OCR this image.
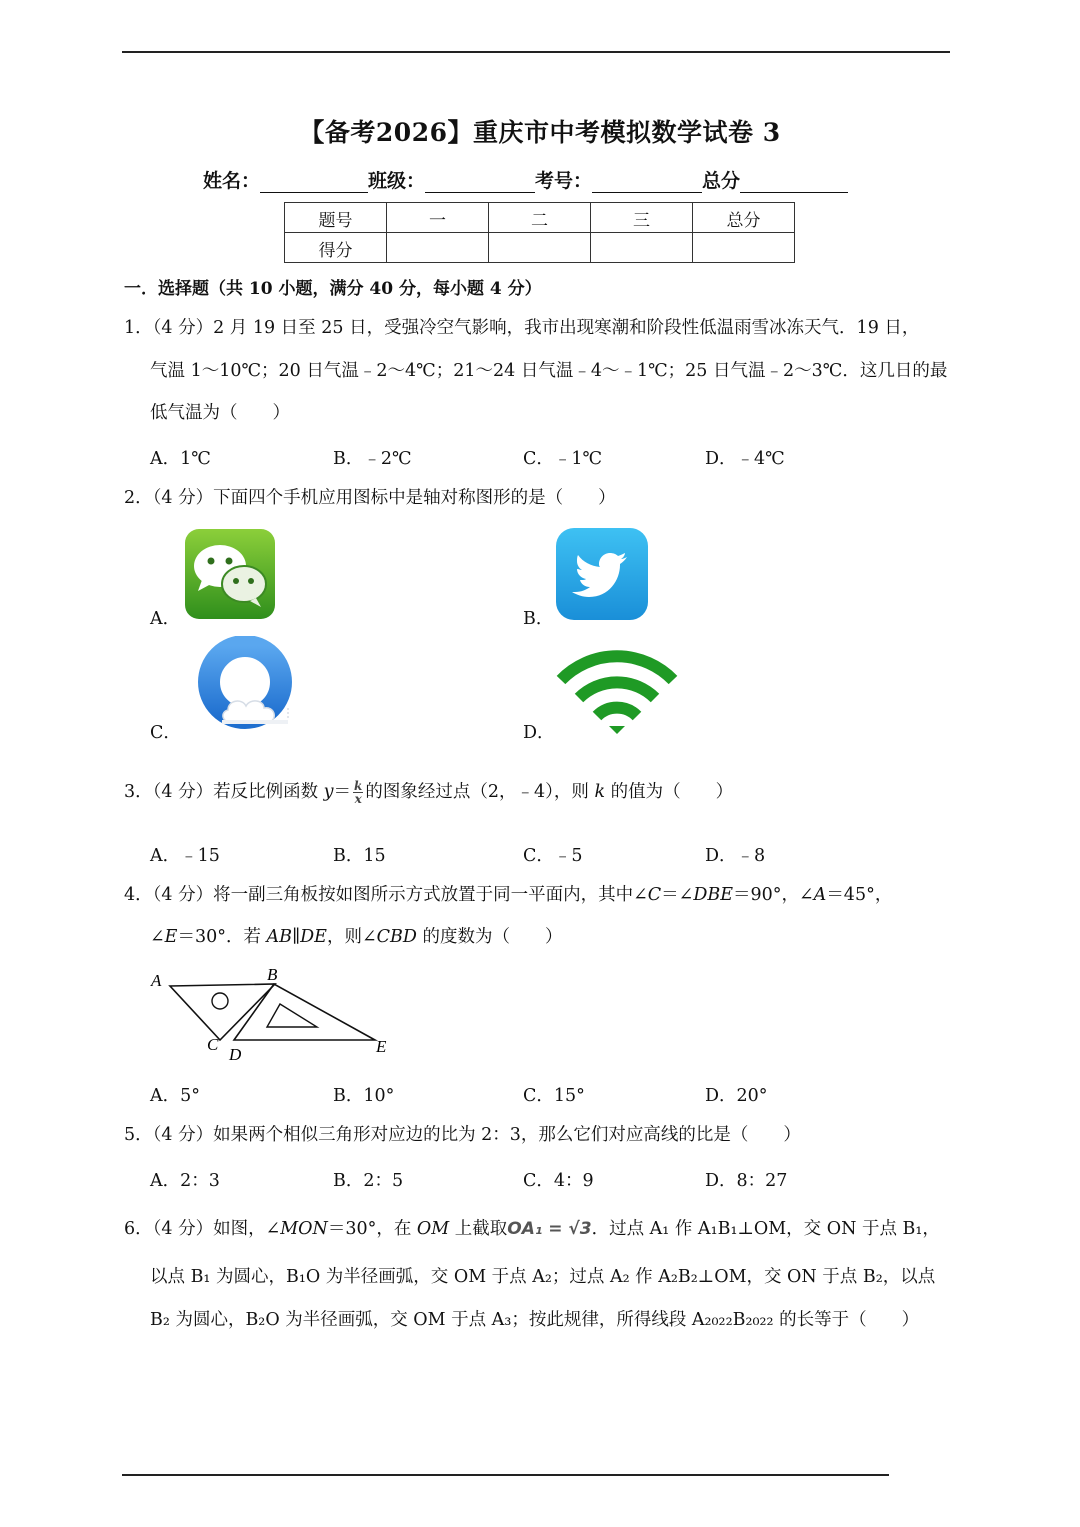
【备考2026】重庆市中考模拟数学试卷 3
姓名：	班级：	考号：	总分
题号	一	二	三	总分
得分				
一．选择题（共 10 小题，满分 40 分，每小题 4 分）
1．（4 分）2 月 19 日至 25 日，受强冷空气影响，我市出现寒潮和阶段性低温雨雪冰冻天气．19 日，
气温 1～10℃；20 日气温﹣2～4℃；21～24 日气温﹣4～﹣1℃；25 日气温﹣2～3℃．这几日的最
低气温为（　　）
A．1℃	B．﹣2℃	C．﹣1℃	D．﹣4℃
2．（4 分）下面四个手机应用图标中是轴对称图形的是（　　）
A．	B．
C．	D．
3．（4 分）若反比例函数 $y= \frac{k}{x}$ 的图象经过点（2，﹣4），则 k 的值为（　　）
A．﹣15	B．15	C．﹣5	D．﹣8
4．（4 分）将一副三角板按如图所示方式放置于同一平面内，其中∠C＝∠DBE＝90°，∠A＝45°，
∠E＝30°．若 AB∥DE，则∠CBD 的度数为（　　）
A	B
C
D	E
A．5°	B．10°	C．15°	D．20°
5．（4 分）如果两个相似三角形对应边的比为 2：3，那么它们对应高线的比是（　　）
A．2：3	B．2：5	C．4：9	D．8：27
6．（4 分）如图，∠MON＝30°，在 OM 上截取OA₁ = √3．过点 A₁ 作 A₁B₁⊥OM，交 ON 于点 B₁，
以点 B₁ 为圆心，B₁O 为半径画弧，交 OM 于点 A₂；过点 A₂ 作 A₂B₂⊥OM，交 ON 于点 B₂，以点
B₂ 为圆心，B₂O 为半径画弧，交 OM 于点 A₃；按此规律，所得线段 A₂₀₂₂B₂₀₂₂ 的长等于（　　）
